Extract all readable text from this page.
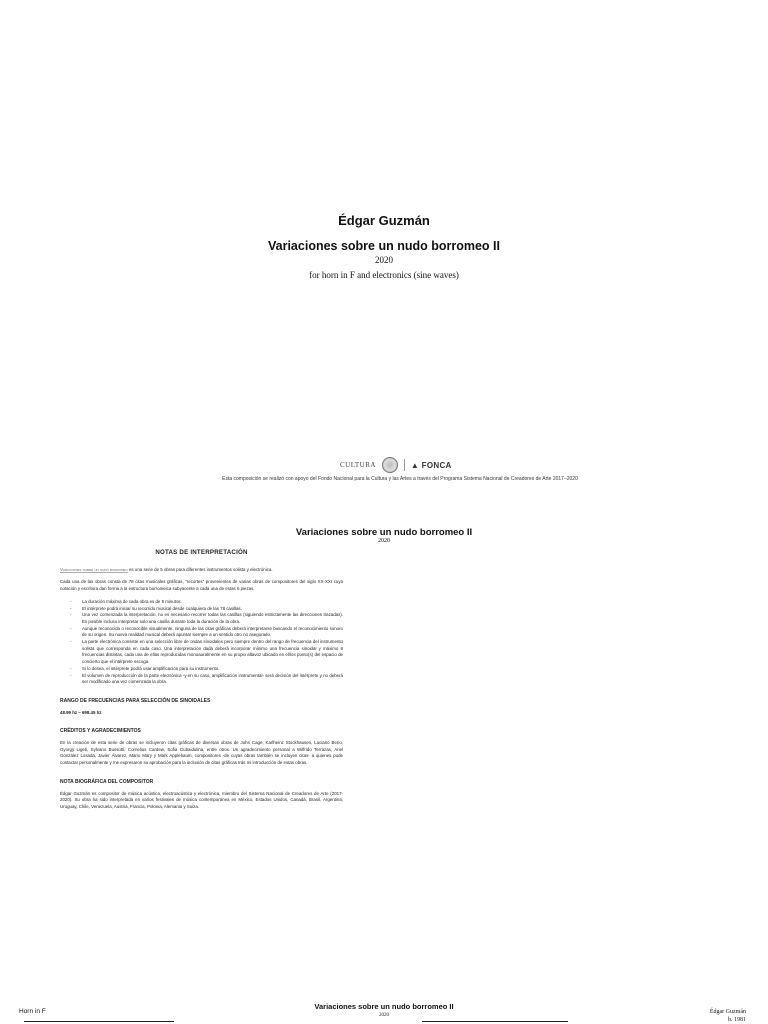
Édgar Guzmán
Variaciones sobre un nudo borromeo II
2020
for horn in F and electronics (sine waves)
CULTURA	▲ FONCA
Esta composición se realizó con apoyo del Fondo Nacional para la Cultura y las Artes a través del Programa Sistema Nacional de Creadores de Arte 2017–2020
Variaciones sobre un nudo borromeo II
2020
NOTAS DE INTERPRETACIÓN

Variaciones sobre un nudo borromeo es una serie de 5 obras para diferentes instrumentos solista y electrónica.

Cada una de las obras consta de 78 citas musicales gráficas, “recortes” provenientes de varias obras de compositores del siglo XX-XXI cuya notación y escritura dan forma a la estructura borromeica subyacente a cada una de estas 5 piezas.

- La duración máxima de cada obra es de 9 minutos.
- El intérprete podrá iniciar su recorrido musical desde cualquiera de las 78 casillas.
- Una vez comenzada la interpretación, no es necesario recorrer todas las casillas (siguiendo estrictamente las direcciones trazadas). Es posible incluso interpretar solo una casilla durante toda la duración de la obra.
- Aunque reconocida o reconocible visualmente, ninguna de las citas gráficas deberá interpretarse buscando el reconocimiento sonoro de su origen. Su nueva realidad musical deberá apuntar siempre a un sentido otro no asegurado.
- La parte electrónica consiste en una selección libre de ondas sinoidales pero siempre dentro del rango de frecuencia del instrumento solista que corresponda en cada caso. Una interpretación dada deberá incorporar mínimo una frecuencia sinoidal y máximo 8 frecuencias distintas, cada una de ellas reproducidas monoauralmente en su propio altavoz ubicado en el/los punto(s) del espacio de concierto que el intérprete escoga.
- Si lo desea, el intérprete podrá usar amplificación para su instrumento.
- El volumen de reproducción de la parte electrónica -y en su caso, amplificación instrumental- será decisión del intérprete y no deberá ser modificado una vez comenzada la obra.
RANGO DE FRECUENCIAS PARA SELECCIÓN DE SINOIDALES

48.99 hz – 698.45 hz

CRÉDITOS Y AGRADECIMIENTOS

En la creación de esta serie de obras se incluyeron citas gráficas de diversas obras de John Cage, Karlheinz Stockhausen, Luciano Berio, Gyorgy Ligeti, Sylvano Bussotti, Cornelius Cardew, Sofia Gubaidulina, entre otros. Un agradecimiento personal a Wilfrido Terrazas, Ariel González Losada, Javier Álvarez, Mario Mary y Mark Applebaum, compositores -de cuyas obras también se incluyen citas- a quienes pude contactar personalmente y me expresaron su aprobación para la inclusión de citas gráficas trás mi introducción de estas obras.

NOTA BIOGRÁFICA DEL COMPOSITOR

Édgar Guzmán es compositor de música acústica, electroacústica y electrónica, miembro del Sistema Nacional de Creadores de Arte (2017-2020). Su obra ha sido interpretada en varios festivales de música contemporánea en México, Estados Unidos, Canadá, Brasil, Argentina, Uruguay, Chile, Venezuela, Austria, Francia, Polonia, Alemania y Suiza.

Horn in F
Variaciones sobre un nudo borromeo II
2020
Édgar Guzmán
b. 1981
